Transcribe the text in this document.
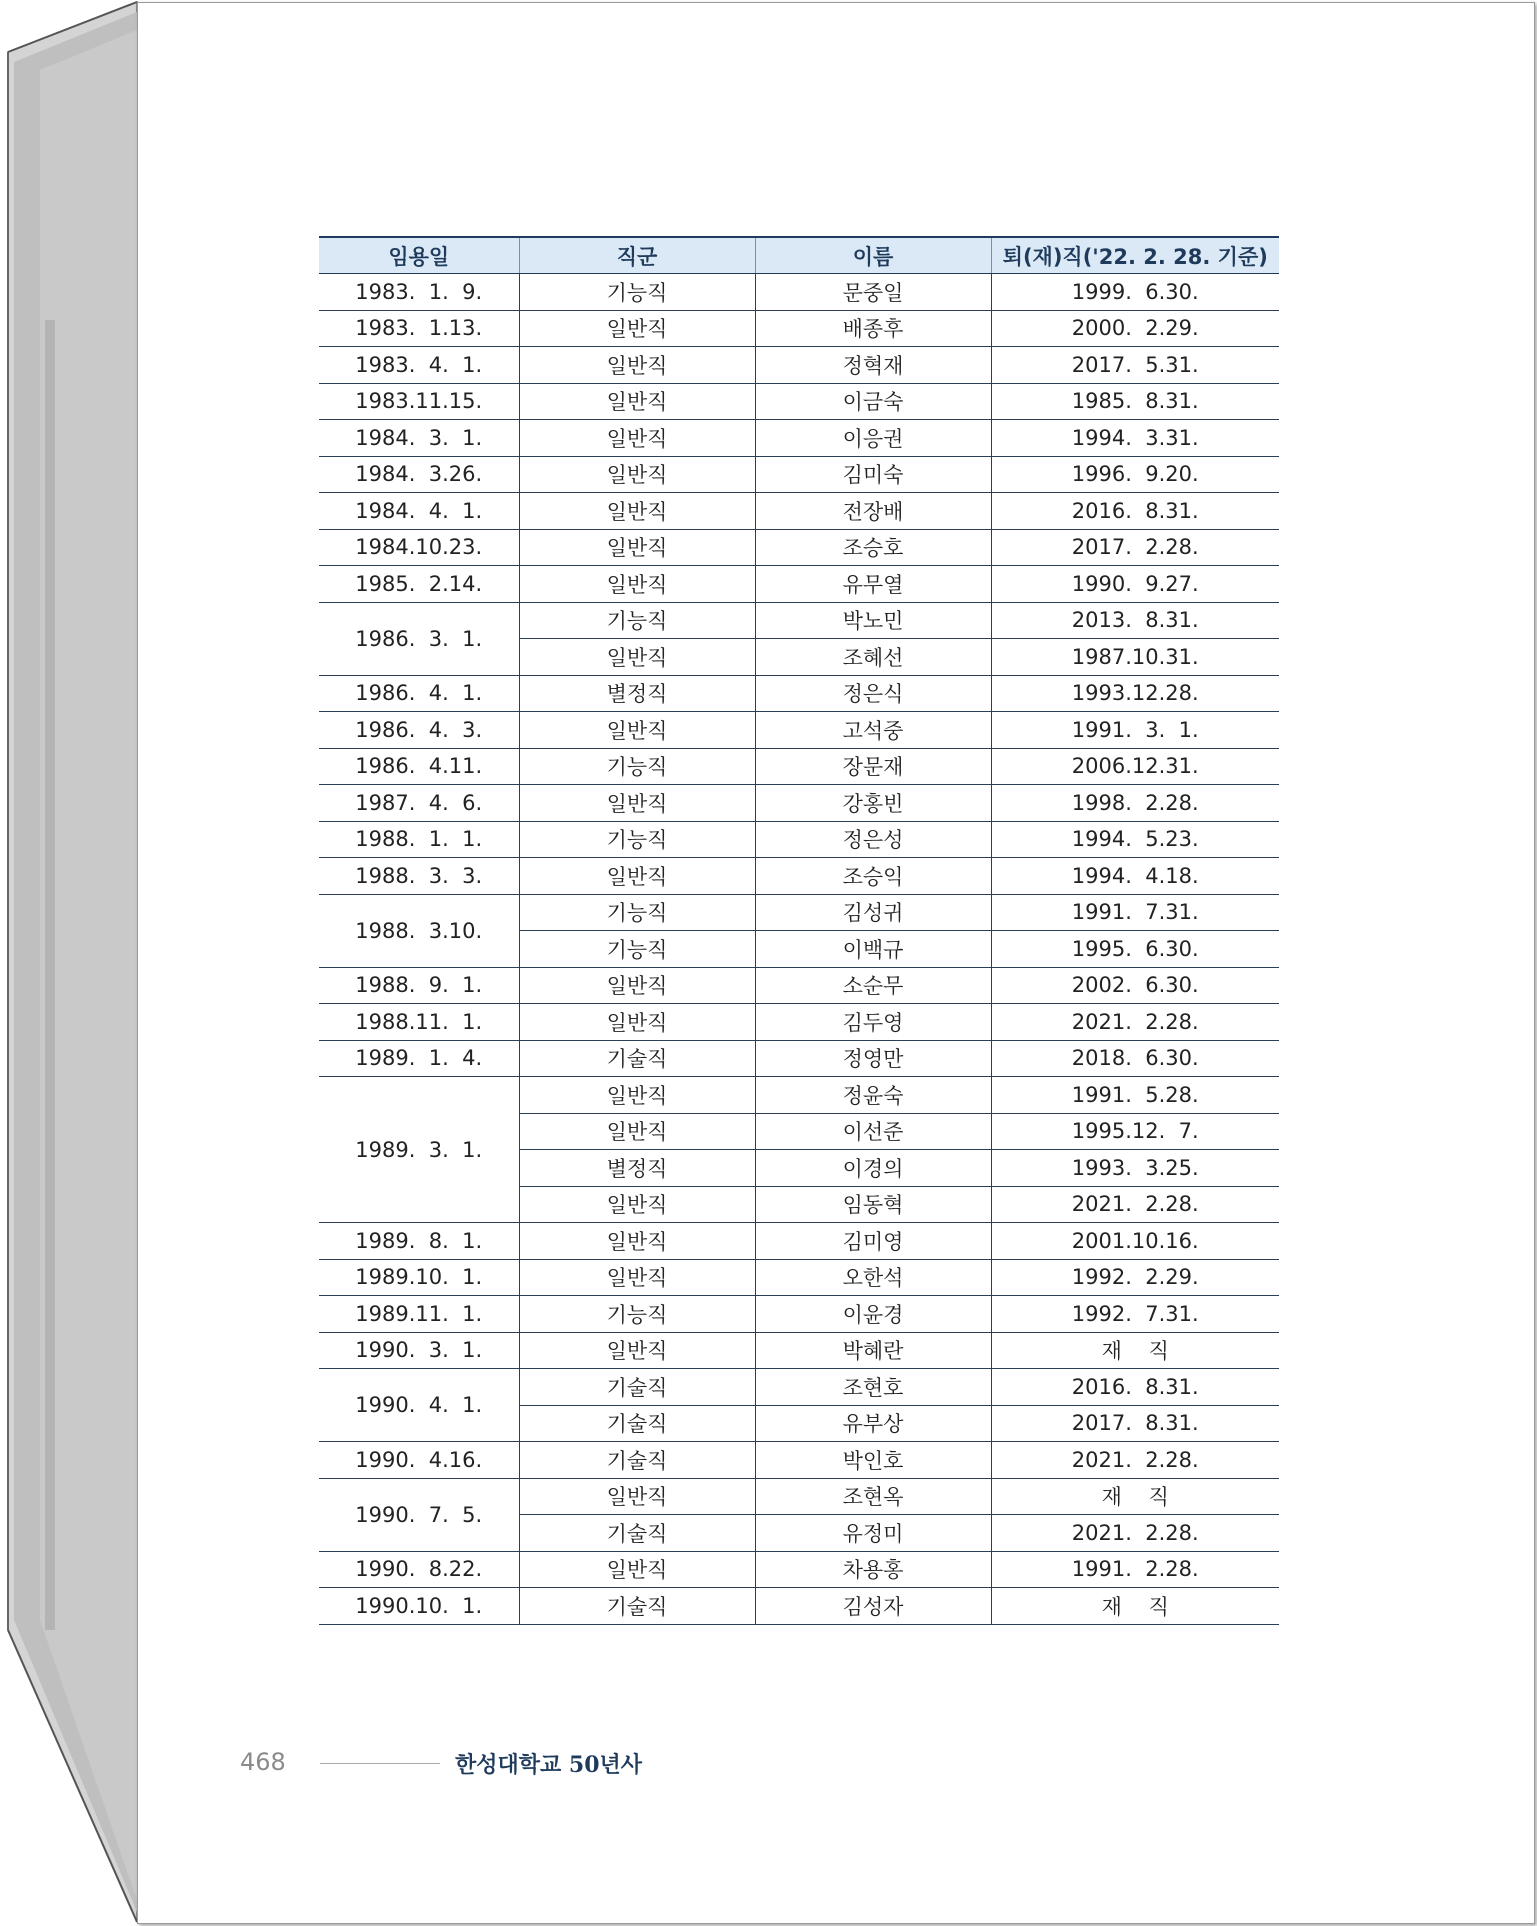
임용일	직군	이름	퇴(재)직('22. 2. 28. 기준)
1983.  1.  9.	기능직	문중일	1999.  6.30.
1983.  1.13.	일반직	배종후	2000.  2.29.
1983.  4.  1.	일반직	정혁재	2017.  5.31.
1983.11.15.	일반직	이금숙	1985.  8.31.
1984.  3.  1.	일반직	이응권	1994.  3.31.
1984.  3.26.	일반직	김미숙	1996.  9.20.
1984.  4.  1.	일반직	전장배	2016.  8.31.
1984.10.23.	일반직	조승호	2017.  2.28.
1985.  2.14.	일반직	유무열	1990.  9.27.
1986.  3.  1.	기능직	박노민	2013.  8.31.
	일반직	조혜선	1987.10.31.
1986.  4.  1.	별정직	정은식	1993.12.28.
1986.  4.  3.	일반직	고석중	1991.  3.  1.
1986.  4.11.	기능직	장문재	2006.12.31.
1987.  4.  6.	일반직	강홍빈	1998.  2.28.
1988.  1.  1.	기능직	정은성	1994.  5.23.
1988.  3.  3.	일반직	조승익	1994.  4.18.
1988.  3.10.	기능직	김성귀	1991.  7.31.
	기능직	이백규	1995.  6.30.
1988.  9.  1.	일반직	소순무	2002.  6.30.
1988.11.  1.	일반직	김두영	2021.  2.28.
1989.  1.  4.	기술직	정영만	2018.  6.30.
1989.  3.  1.	일반직	정윤숙	1991.  5.28.
	일반직	이선준	1995.12.  7.
	별정직	이경의	1993.  3.25.
	일반직	임동혁	2021.  2.28.
1989.  8.  1.	일반직	김미영	2001.10.16.
1989.10.  1.	일반직	오한석	1992.  2.29.
1989.11.  1.	기능직	이윤경	1992.  7.31.
1990.  3.  1.	일반직	박혜란	재    직
1990.  4.  1.	기술직	조현호	2016.  8.31.
	기술직	유부상	2017.  8.31.
1990.  4.16.	기술직	박인호	2021.  2.28.
1990.  7.  5.	일반직	조현옥	재    직
	기술직	유정미	2021.  2.28.
1990.  8.22.	일반직	차용홍	1991.  2.28.
1990.10.  1.	기술직	김성자	재    직
468	한성대학교 50년사
